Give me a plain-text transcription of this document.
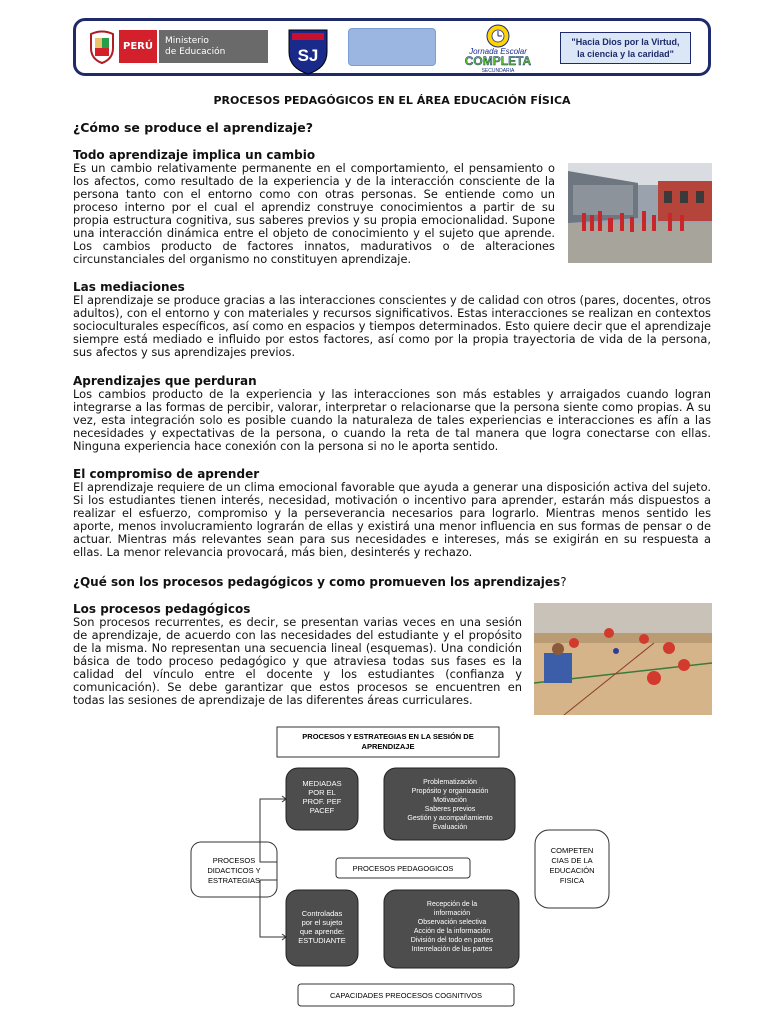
PERÚ	Ministerio
de Educación	SJ	Jornada Escolar
COMPLETA
SECUNDARIA
"Hacia Dios por la Virtud,
la ciencia y la caridad"
PROCESOS PEDAGÓGICOS EN EL ÁREA EDUCACIÓN FÍSICA
¿Cómo se produce el aprendizaje?
Todo aprendizaje implica un cambio

Es un cambio relativamente permanente en el comportamiento, el pensamiento o los afectos, como resultado de la experiencia y de la interacción consciente de la persona tanto con el entorno como con otras personas. Se entiende como un proceso interno por el cual el aprendiz construye conocimientos a partir de su propia estructura cognitiva, sus saberes previos y su propia emocionalidad. Supone una interacción dinámica entre el objeto de conocimiento y el sujeto que aprende. Los cambios producto de factores innatos, madurativos o de alteraciones circunstanciales del organismo no constituyen aprendizaje.

Las mediaciones

El aprendizaje se produce gracias a las interacciones conscientes y de calidad con otros (pares, docentes, otros adultos), con el entorno y con materiales y recursos significativos. Estas interacciones se realizan en contextos socioculturales específicos, así como en espacios y tiempos determinados. Esto quiere decir que el aprendizaje siempre está mediado e influido por estos factores, así como por la propia trayectoria de vida de la persona, sus afectos y sus aprendizajes previos.

Aprendizajes que perduran

Los cambios producto de la experiencia y las interacciones son más estables y arraigados cuando logran integrarse a las formas de percibir, valorar, interpretar o relacionarse que la persona siente como propias. A su vez, esta integración solo es posible cuando la naturaleza de tales experiencias e interacciones es afín a las necesidades y expectativas de la persona, o cuando la reta de tal manera que logra conectarse con ellas. Ninguna experiencia hace conexión con la persona si no le aporta sentido.

El compromiso de aprender

El aprendizaje requiere de un clima emocional favorable que ayuda a generar una disposición activa del sujeto. Si los estudiantes tienen interés, necesidad, motivación o incentivo para aprender, estarán más dispuestos a realizar el esfuerzo, compromiso y la perseverancia necesarios para lograrlo. Mientras menos sentido les aporte, menos involucramiento lograrán de ellas y existirá una menor influencia en sus formas de pensar o de actuar. Mientras más relevantes sean para sus necesidades e intereses, más se exigirán en su respuesta a ellas. La menor relevancia provocará, más bien, desinterés y rechazo.

¿Qué son los procesos pedagógicos y como promueven los aprendizajes?
Los procesos pedagógicos

Son procesos recurrentes, es decir, se presentan varias veces en una sesión de aprendizaje, de acuerdo con las necesidades del estudiante y el propósito de la misma. No representan una secuencia lineal (esquemas). Una condición básica de todo proceso pedagógico y que atraviesa todas sus fases es la calidad del vínculo entre el docente y los estudiantes (confianza y comunicación). Se debe garantizar que estos procesos se encuentren en todas las sesiones de aprendizaje de las diferentes áreas curriculares.

PROCESOS Y ESTRATEGIAS EN LA SESIÓN DE
APRENDIZAJE
PROCESOS
DIDACTICOS Y
ESTRATEGIAS
MEDIADAS
POR EL
PROF. PEF
PACEF
Problematización
Propósito y organización
Motivación
Saberes previos
Gestión y acompañamiento
Evaluación
PROCESOS PEDAGOGICOS
COMPETEN
CIAS DE LA
EDUCACIÓN
FISICA
Controladas
por el sujeto
que aprende:
ESTUDIANTE
Recepción de la
información
Observación selectiva
Acción de la información
División del todo en partes
Interrelación de las partes
CAPACIDADES PREOCESOS COGNITIVOS
